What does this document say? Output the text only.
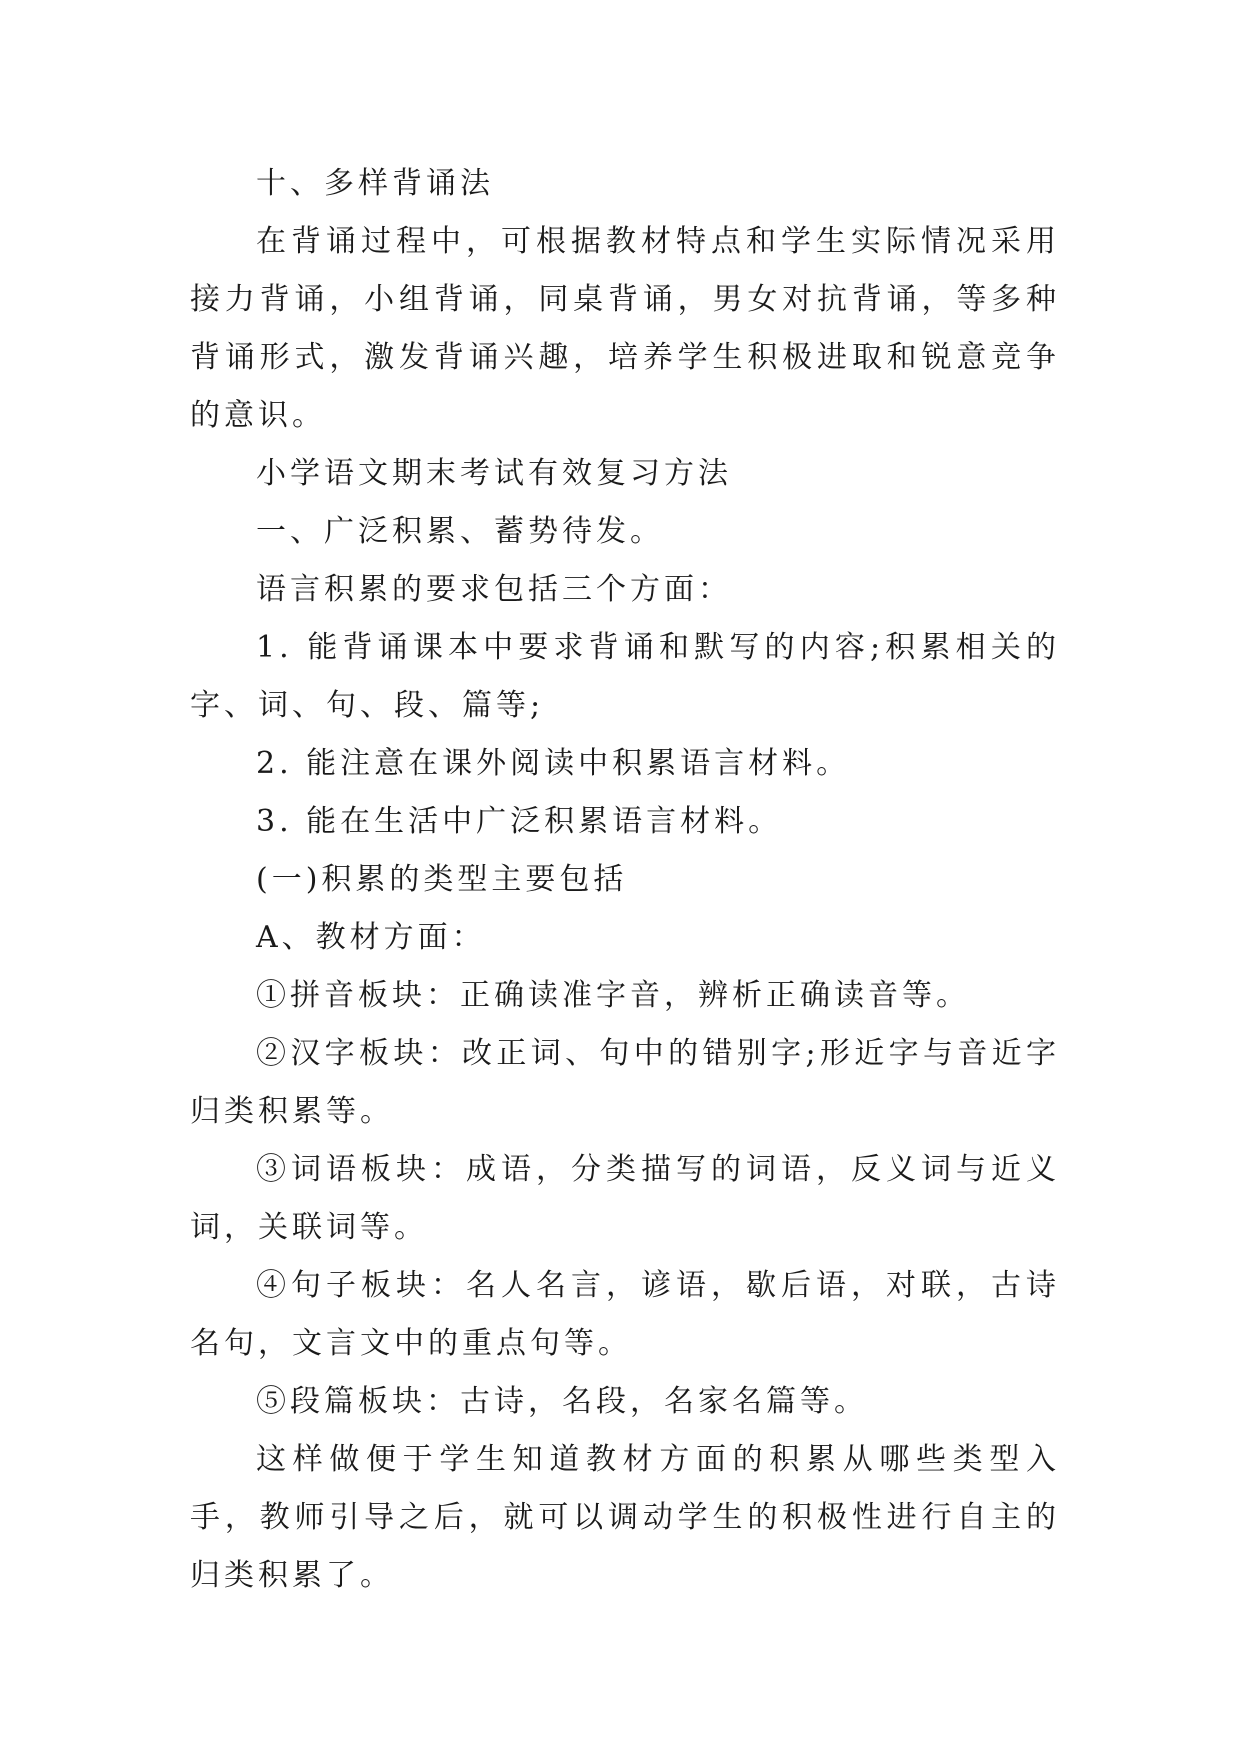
十、多样背诵法

在背诵过程中，可根据教材特点和学生实际情况采用接力背诵，小组背诵，同桌背诵，男女对抗背诵，等多种背诵形式，激发背诵兴趣，培养学生积极进取和锐意竞争的意识。

小学语文期末考试有效复习方法

一、广泛积累、蓄势待发。

语言积累的要求包括三个方面：

1. 能背诵课本中要求背诵和默写的内容;积累相关的字、词、句、段、篇等;

2. 能注意在课外阅读中积累语言材料。

3. 能在生活中广泛积累语言材料。

(一)积累的类型主要包括

A、教材方面：

①拼音板块：正确读准字音，辨析正确读音等。

②汉字板块：改正词、句中的错别字;形近字与音近字归类积累等。

③词语板块：成语，分类描写的词语，反义词与近义词，关联词等。

④句子板块：名人名言，谚语，歇后语，对联，古诗名句，文言文中的重点句等。

⑤段篇板块：古诗，名段，名家名篇等。

这样做便于学生知道教材方面的积累从哪些类型入手，教师引导之后，就可以调动学生的积极性进行自主的归类积累了。
